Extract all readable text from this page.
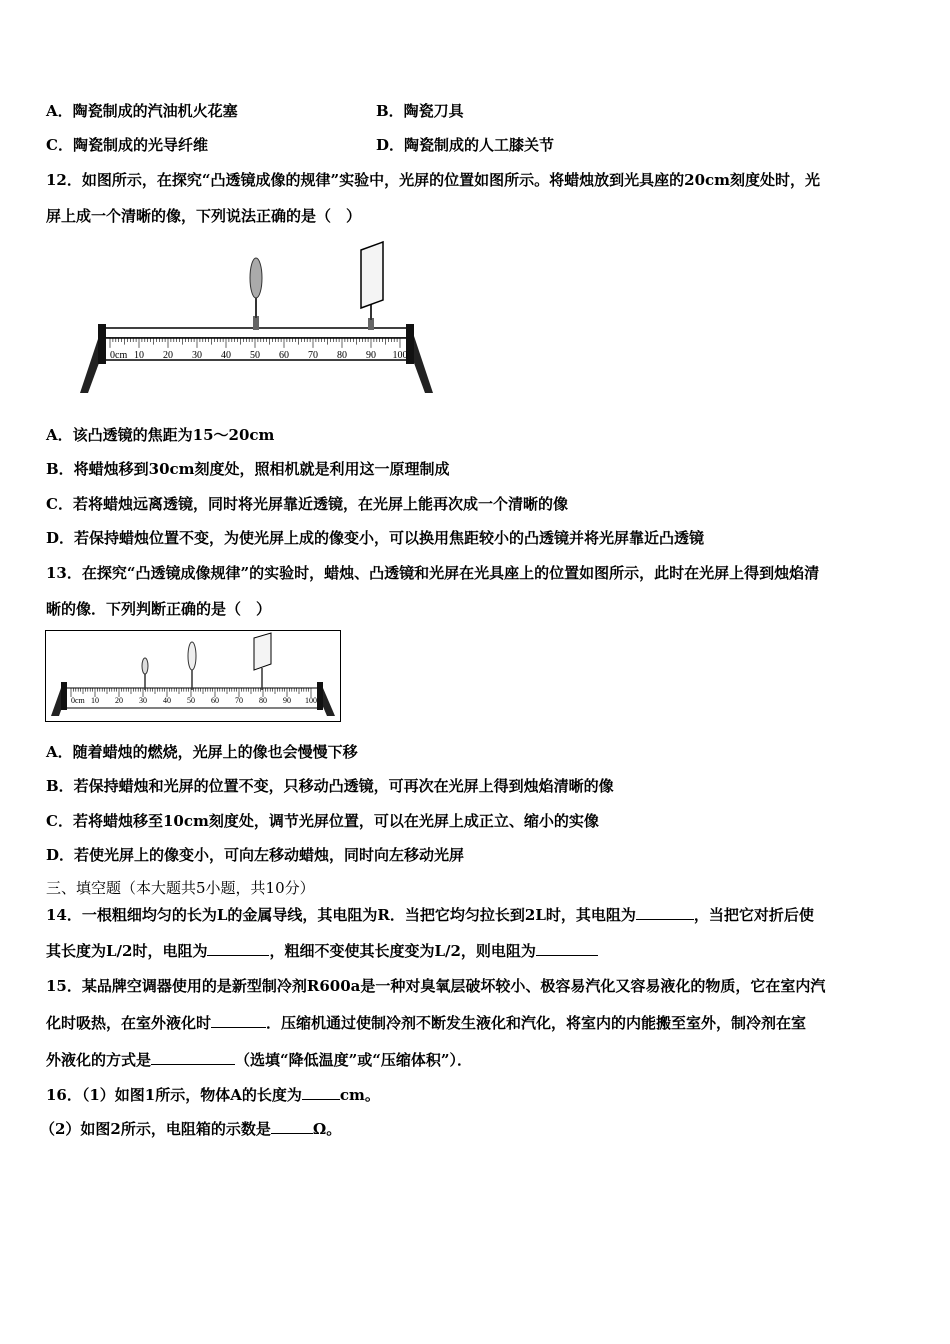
A．陶瓷制成的汽油机火花塞	B．陶瓷刀具
C．陶瓷制成的光导纤维	D．陶瓷制成的人工膝关节
12．如图所示，在探究“凸透镜成像的规律”实验中，光屏的位置如图所示。将蜡烛放到光具座的20cm刻度处时，光
屏上成一个清晰的像，下列说法正确的是（　）
0cm 10 20 30 40 50 60 70 80 90 100
A．该凸透镜的焦距为15～20cm
B．将蜡烛移到30cm刻度处，照相机就是利用这一原理制成
C．若将蜡烛远离透镜，同时将光屏靠近透镜，在光屏上能再次成一个清晰的像
D．若保持蜡烛位置不变，为使光屏上成的像变小，可以换用焦距较小的凸透镜并将光屏靠近凸透镜
13．在探究“凸透镜成像规律”的实验时，蜡烛、凸透镜和光屏在光具座上的位置如图所示，此时在光屏上得到烛焰清
晰的像．下列判断正确的是（　）
0cm 10 20 30 40 50 60 70 80 90 100
A．随着蜡烛的燃烧，光屏上的像也会慢慢下移
B．若保持蜡烛和光屏的位置不变，只移动凸透镜，可再次在光屏上得到烛焰清晰的像
C．若将蜡烛移至10cm刻度处，调节光屏位置，可以在光屏上成正立、缩小的实像
D．若使光屏上的像变小，可向左移动蜡烛，同时向左移动光屏
三、填空题（本大题共5小题，共10分）
14．一根粗细均匀的长为L的金属导线，其电阻为R．当把它均匀拉长到2L时，其电阻为	，当把它对折后使
其长度为L/2时，电阻为	，粗细不变使其长度变为L/2，则电阻为
15．某品牌空调器使用的是新型制冷剂R600a是一种对臭氧层破坏较小、极容易汽化又容易液化的物质，它在室内汽
化时吸热，在室外液化时	．压缩机通过使制冷剂不断发生液化和汽化，将室内的内能搬至室外，制冷剂在室
外液化的方式是	（选填“降低温度”或“压缩体积”）．
16．（1）如图1所示，物体A的长度为	cm。
（2）如图2所示，电阻箱的示数是	Ω。
